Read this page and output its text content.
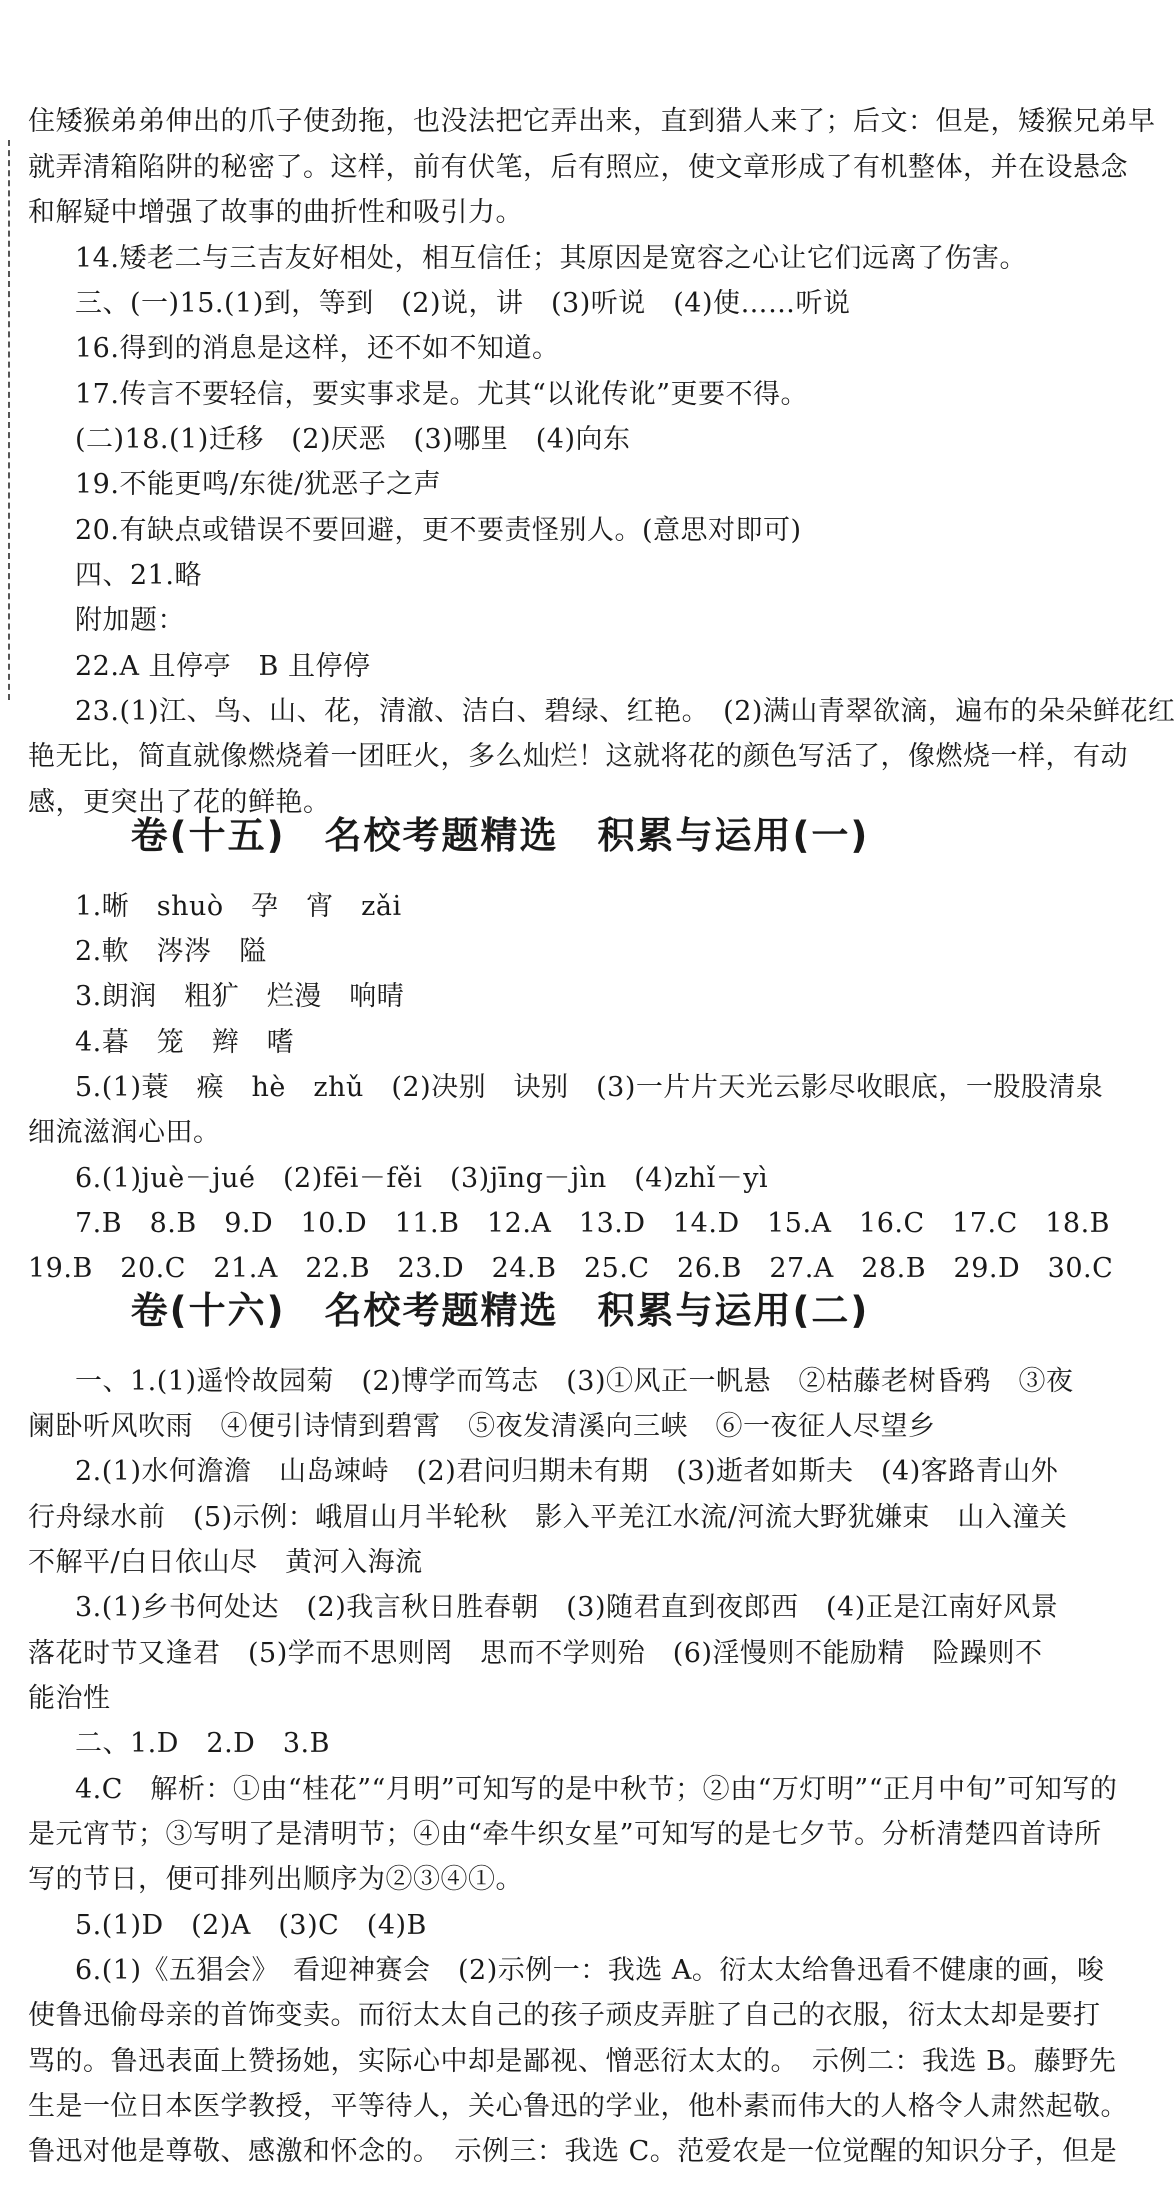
住矮猴弟弟伸出的爪子使劲拖，也没法把它弄出来，直到猎人来了；后文：但是，矮猴兄弟早
就弄清箱陷阱的秘密了。这样，前有伏笔，后有照应，使文章形成了有机整体，并在设悬念
和解疑中增强了故事的曲折性和吸引力。
14.矮老二与三吉友好相处，相互信任；其原因是宽容之心让它们远离了伤害。
三、(一)15.(1)到，等到　(2)说，讲　(3)听说　(4)使……听说
16.得到的消息是这样，还不如不知道。
17.传言不要轻信，要实事求是。尤其“以讹传讹”更要不得。
(二)18.(1)迁移　(2)厌恶　(3)哪里　(4)向东
19.不能更鸣/东徙/犹恶子之声
20.有缺点或错误不要回避，更不要责怪别人。(意思对即可)
四、21.略
附加题：
22.A 且停亭　B 且停停
23.(1)江、鸟、山、花，清澈、洁白、碧绿、红艳。　(2)满山青翠欲滴，遍布的朵朵鲜花红
艳无比，简直就像燃烧着一团旺火，多么灿烂！这就将花的颜色写活了，像燃烧一样，有动
感，更突出了花的鲜艳。
卷(十五)　名校考题精选　积累与运用(一)
1.晰　shuò　孕　宵　zǎi
2.軟　涔涔　隘
3.朗润　粗犷　烂漫　响晴
4.暮　笼　辫　嗜
5.(1)蓑　瘊　hè　zhǔ　(2)决别　诀别　(3)一片片天光云影尽收眼底，一股股清泉
细流滋润心田。
6.(1)juè－jué　(2)fēi－fěi　(3)jīng－jìn　(4)zhǐ－yì
7.B　8.B　9.D　10.D　11.B　12.A　13.D　14.D　15.A　16.C　17.C　18.B
19.B　20.C　21.A　22.B　23.D　24.B　25.C　26.B　27.A　28.B　29.D　30.C
卷(十六)　名校考题精选　积累与运用(二)
一、1.(1)遥怜故园菊　(2)博学而笃志　(3)①风正一帆悬　②枯藤老树昏鸦　③夜
阑卧听风吹雨　④便引诗情到碧霄　⑤夜发清溪向三峡　⑥一夜征人尽望乡
2.(1)水何澹澹　山岛竦峙　(2)君问归期未有期　(3)逝者如斯夫　(4)客路青山外
行舟绿水前　(5)示例：峨眉山月半轮秋　影入平羌江水流/河流大野犹嫌束　山入潼关
不解平/白日依山尽　黄河入海流
3.(1)乡书何处达　(2)我言秋日胜春朝　(3)随君直到夜郎西　(4)正是江南好风景
落花时节又逢君　(5)学而不思则罔　思而不学则殆　(6)淫慢则不能励精　险躁则不
能治性
二、1.D　2.D　3.B
4.C　解析：①由“桂花”“月明”可知写的是中秋节；②由“万灯明”“正月中旬”可知写的
是元宵节；③写明了是清明节；④由“牵牛织女星”可知写的是七夕节。分析清楚四首诗所
写的节日，便可排列出顺序为②③④①。
5.(1)D　(2)A　(3)C　(4)B
6.(1)《五猖会》　看迎神赛会　(2)示例一：我选 A。衍太太给鲁迅看不健康的画，唆
使鲁迅偷母亲的首饰变卖。而衍太太自己的孩子顽皮弄脏了自己的衣服，衍太太却是要打
骂的。鲁迅表面上赞扬她，实际心中却是鄙视、憎恶衍太太的。　示例二：我选 B。藤野先
生是一位日本医学教授，平等待人，关心鲁迅的学业，他朴素而伟大的人格令人肃然起敬。
鲁迅对他是尊敬、感激和怀念的。　示例三：我选 C。范爱农是一位觉醒的知识分子，但是
